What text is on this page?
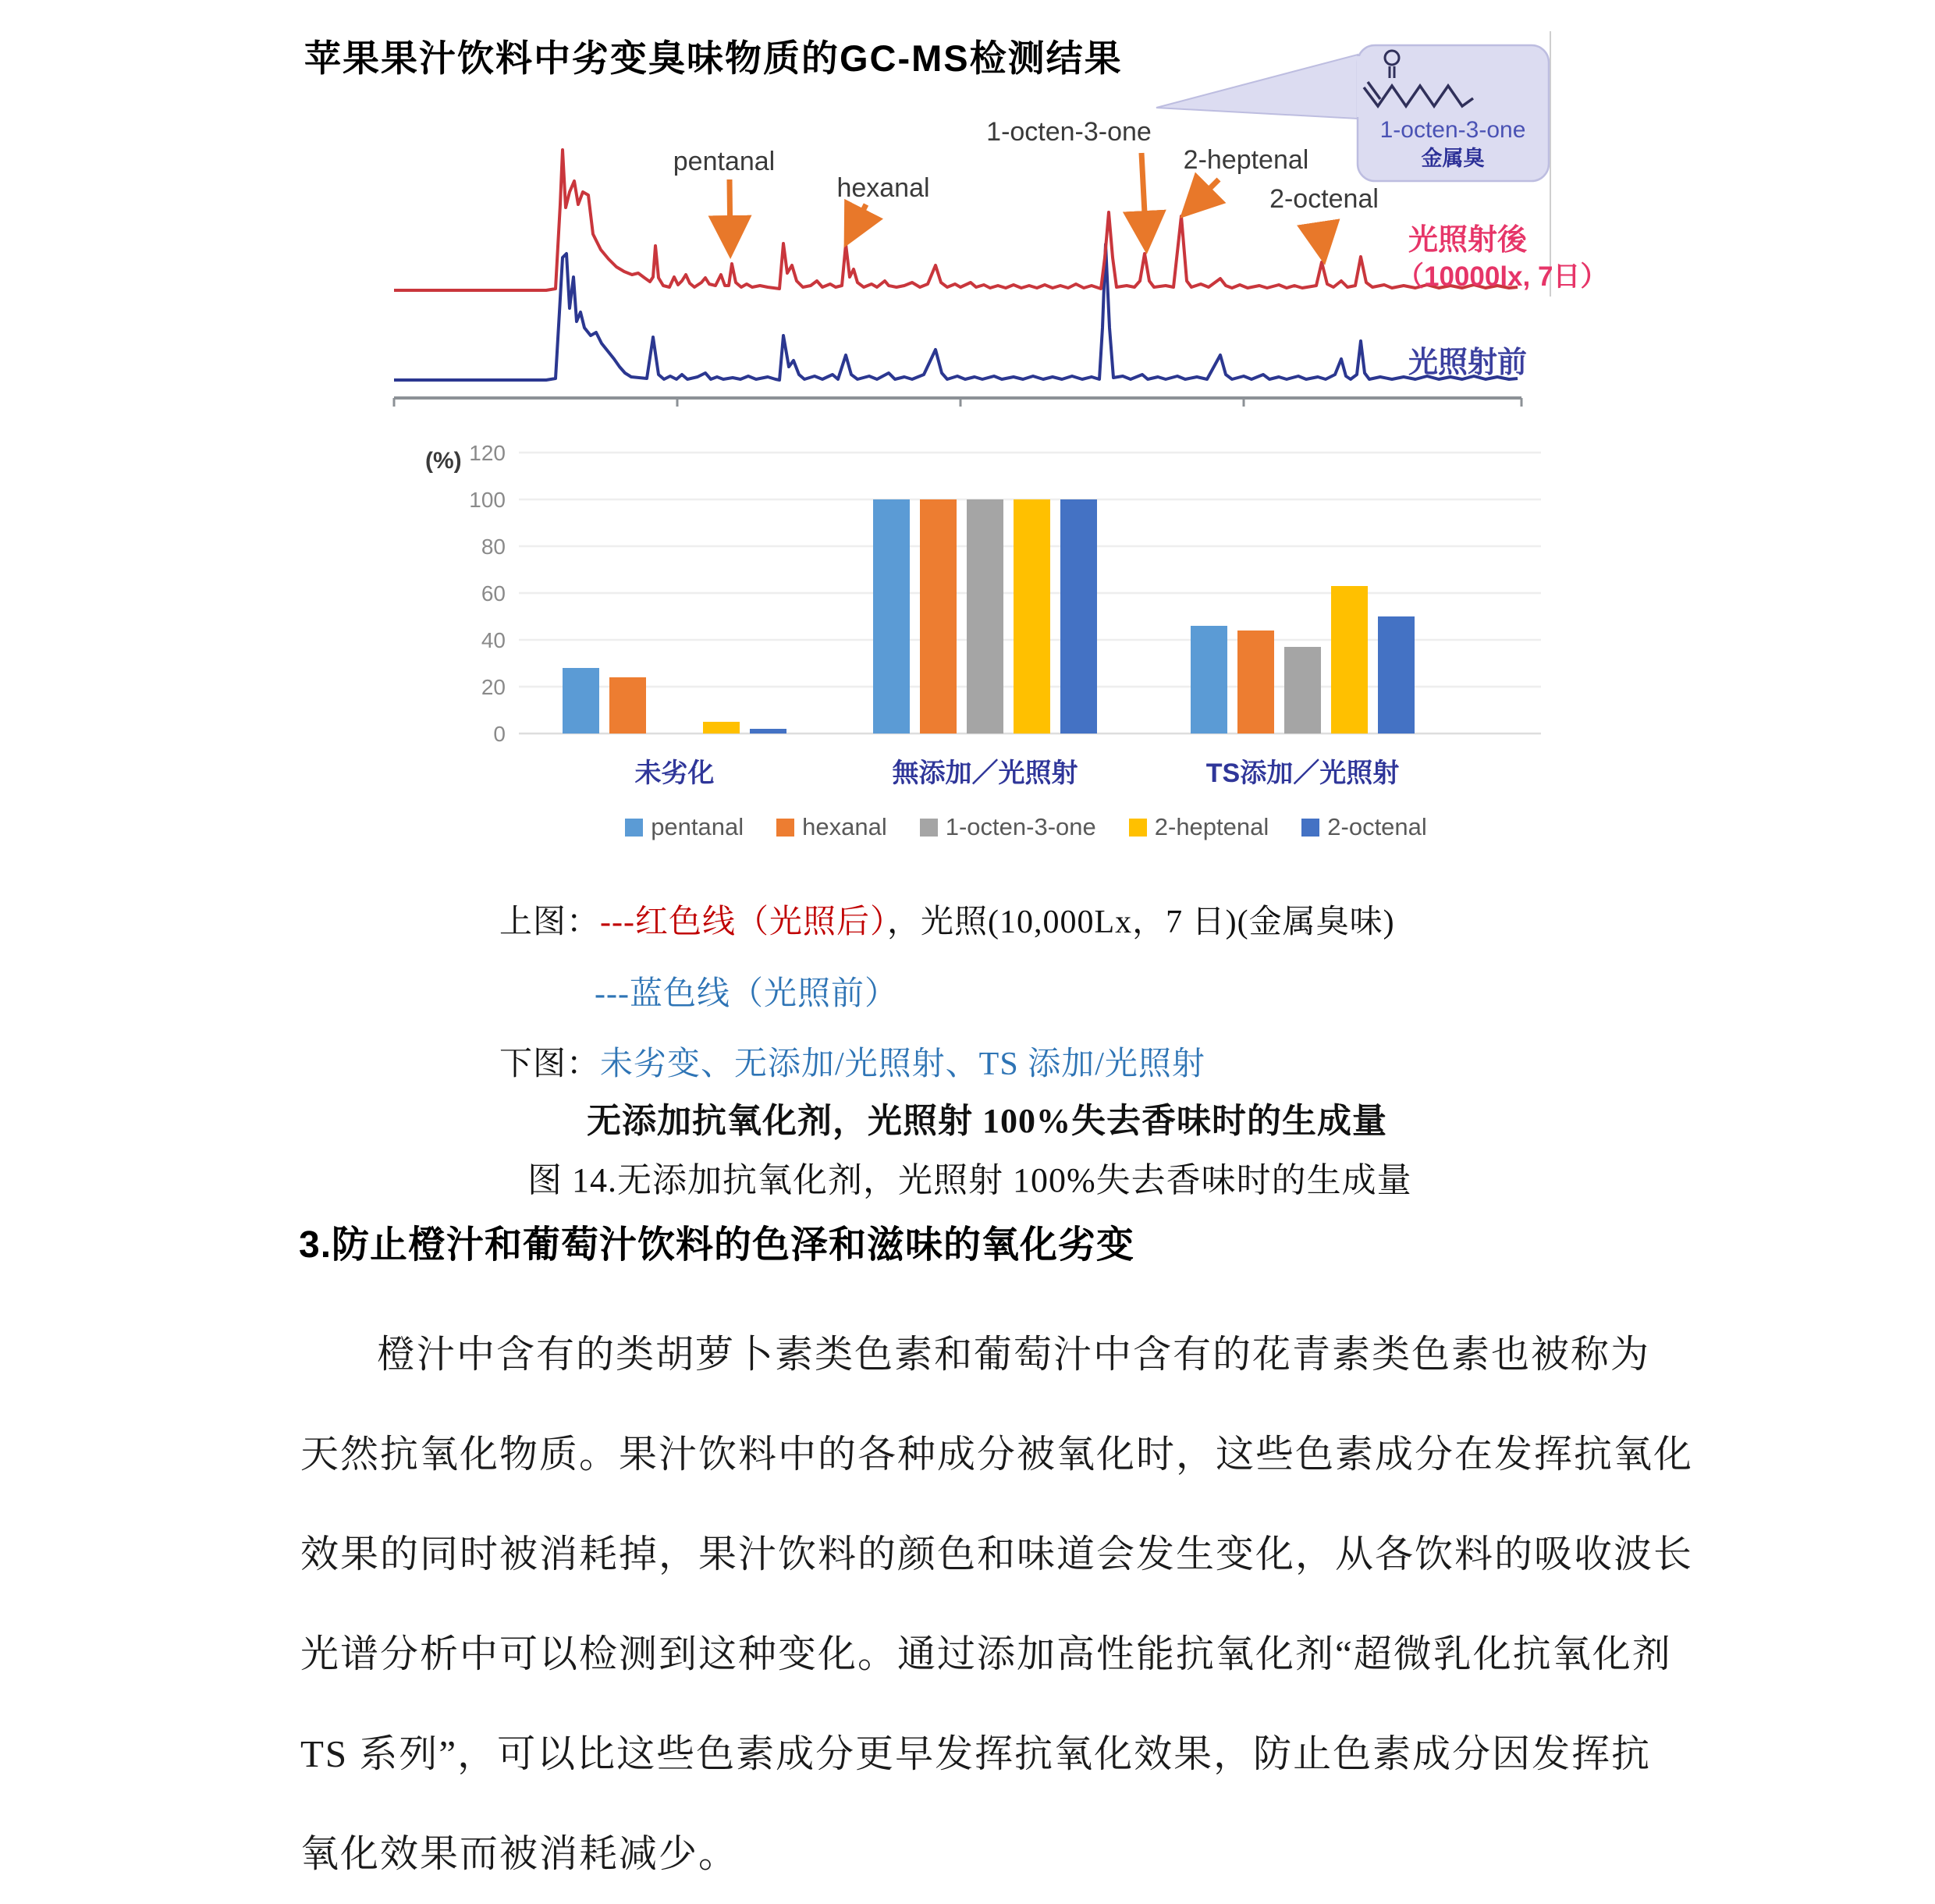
苹果果汁饮料中劣变臭味物质的GC-MS检测结果
pentanal
hexanal
1-octen-3-one
2-heptenal
2-octenal
光照射後
（10000lx, 7日）
光照射前
1-octen-3-one
金属臭
(%)
0
20
40
60
80
100
120
未劣化	無添加／光照射	TS添加／光照射
pentanal hexanal 1-octen-3-one 2-heptenal 2-octenal
上图：---红色线（光照后），光照(10,000Lx，7 日)(金属臭味)
---蓝色线（光照前）
下图：未劣变、无添加/光照射、TS 添加/光照射
无添加抗氧化剂，光照射 100%失去香味时的生成量
图 14.无添加抗氧化剂，光照射 100%失去香味时的生成量
3.防止橙汁和葡萄汁饮料的色泽和滋味的氧化劣变
橙汁中含有的类胡萝卜素类色素和葡萄汁中含有的花青素类色素也被称为
天然抗氧化物质。果汁饮料中的各种成分被氧化时，这些色素成分在发挥抗氧化
效果的同时被消耗掉，果汁饮料的颜色和味道会发生变化，从各饮料的吸收波长
光谱分析中可以检测到这种变化。通过添加高性能抗氧化剂“超微乳化抗氧化剂
TS 系列”，可以比这些色素成分更早发挥抗氧化效果，防止色素成分因发挥抗
氧化效果而被消耗减少。
